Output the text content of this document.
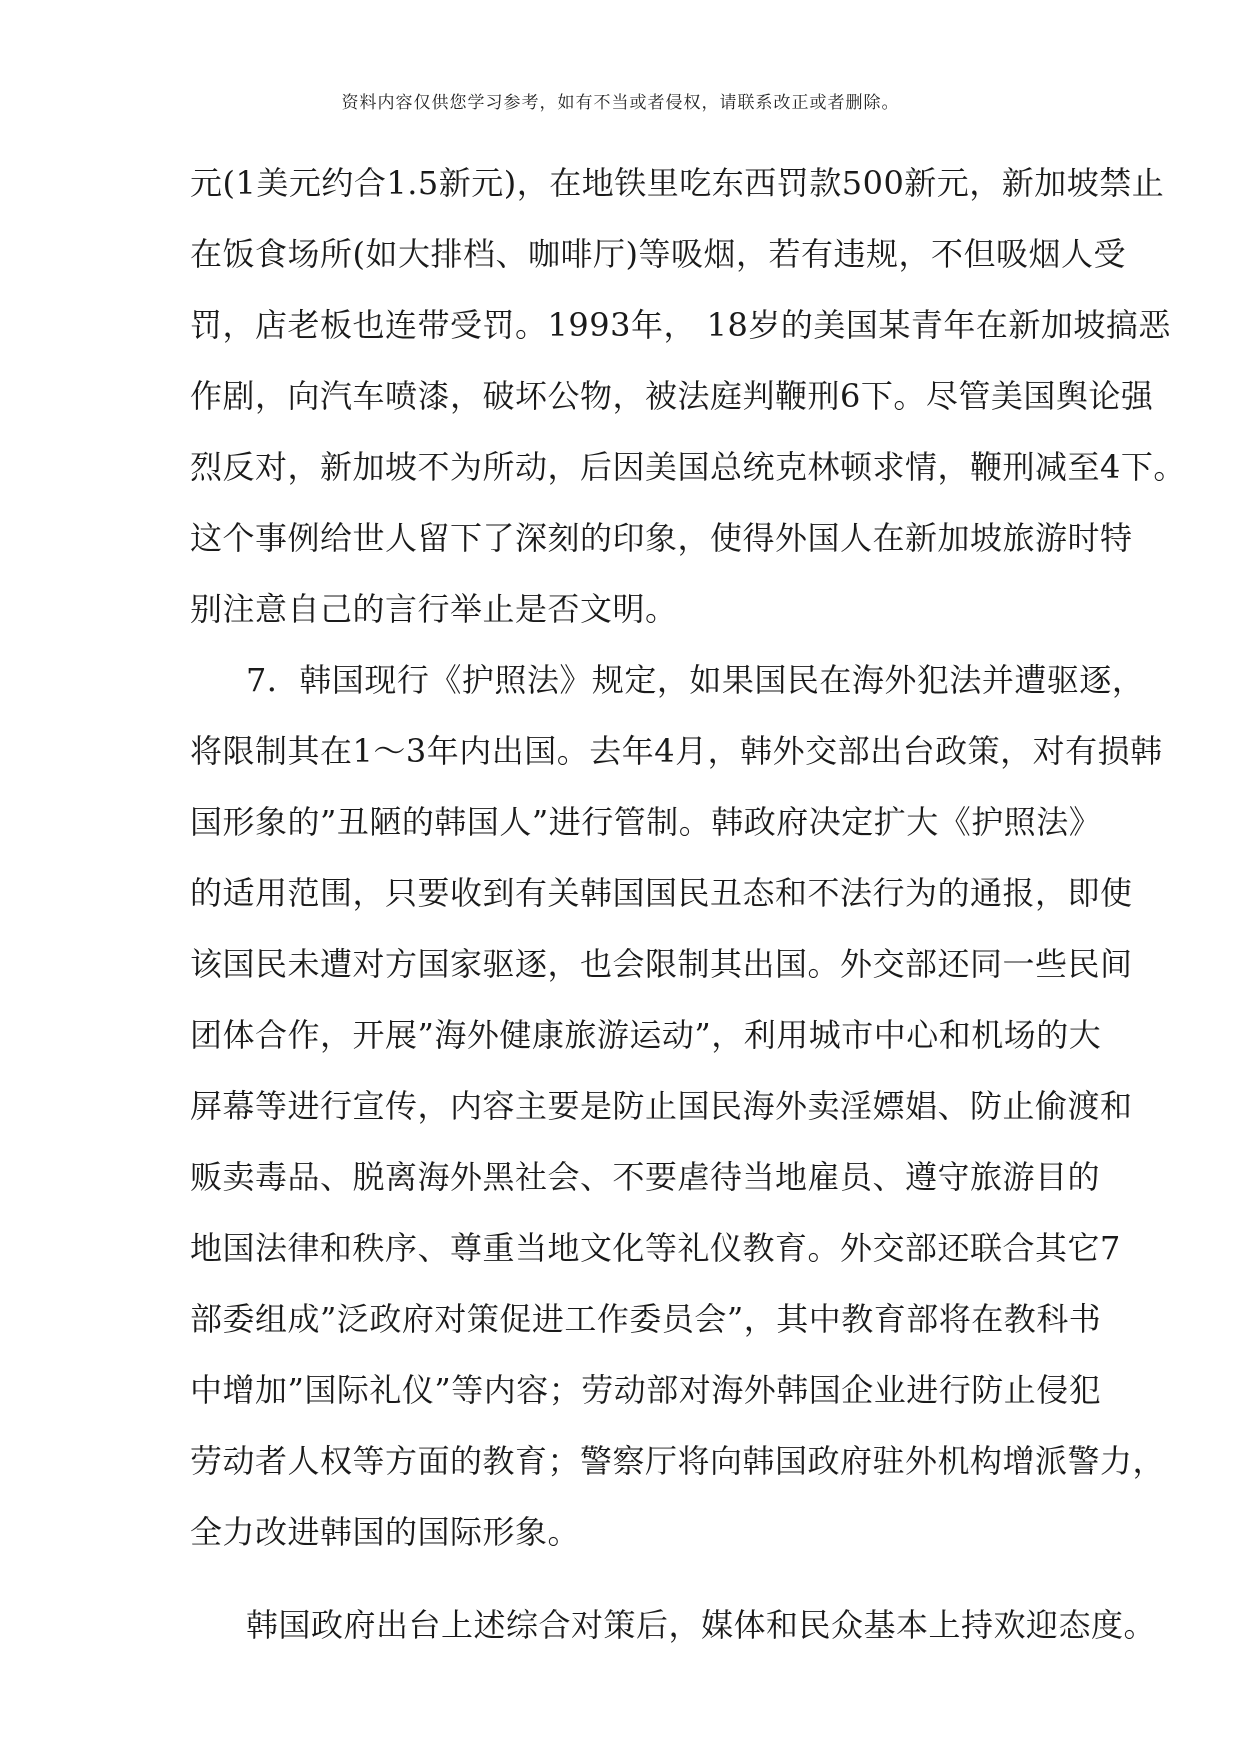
资料内容仅供您学习参考，如有不当或者侵权，请联系改正或者删除。
元(1美元约合1.5新元)，在地铁里吃东西罚款500新元，新加坡禁止
在饭食场所(如大排档、咖啡厅)等吸烟，若有违规，不但吸烟人受
罚，店老板也连带受罚。1993年， 18岁的美国某青年在新加坡搞恶
作剧，向汽车喷漆，破坏公物，被法庭判鞭刑6下。尽管美国舆论强
烈反对，新加坡不为所动，后因美国总统克林顿求情，鞭刑减至4下。
这个事例给世人留下了深刻的印象，使得外国人在新加坡旅游时特
别注意自己的言行举止是否文明。
7．韩国现行《护照法》规定，如果国民在海外犯法并遭驱逐，
将限制其在1～3年内出国。去年4月，韩外交部出台政策，对有损韩
国形象的”丑陋的韩国人”进行管制。韩政府决定扩大《护照法》
的适用范围，只要收到有关韩国国民丑态和不法行为的通报，即使
该国民未遭对方国家驱逐，也会限制其出国。外交部还同一些民间
团体合作，开展”海外健康旅游运动”，利用城市中心和机场的大
屏幕等进行宣传，内容主要是防止国民海外卖淫嫖娼、防止偷渡和
贩卖毒品、脱离海外黑社会、不要虐待当地雇员、遵守旅游目的
地国法律和秩序、尊重当地文化等礼仪教育。外交部还联合其它7
部委组成”泛政府对策促进工作委员会”，其中教育部将在教科书
中增加”国际礼仪”等内容；劳动部对海外韩国企业进行防止侵犯
劳动者人权等方面的教育；警察厅将向韩国政府驻外机构增派警力，
全力改进韩国的国际形象。
韩国政府出台上述综合对策后，媒体和民众基本上持欢迎态度。
